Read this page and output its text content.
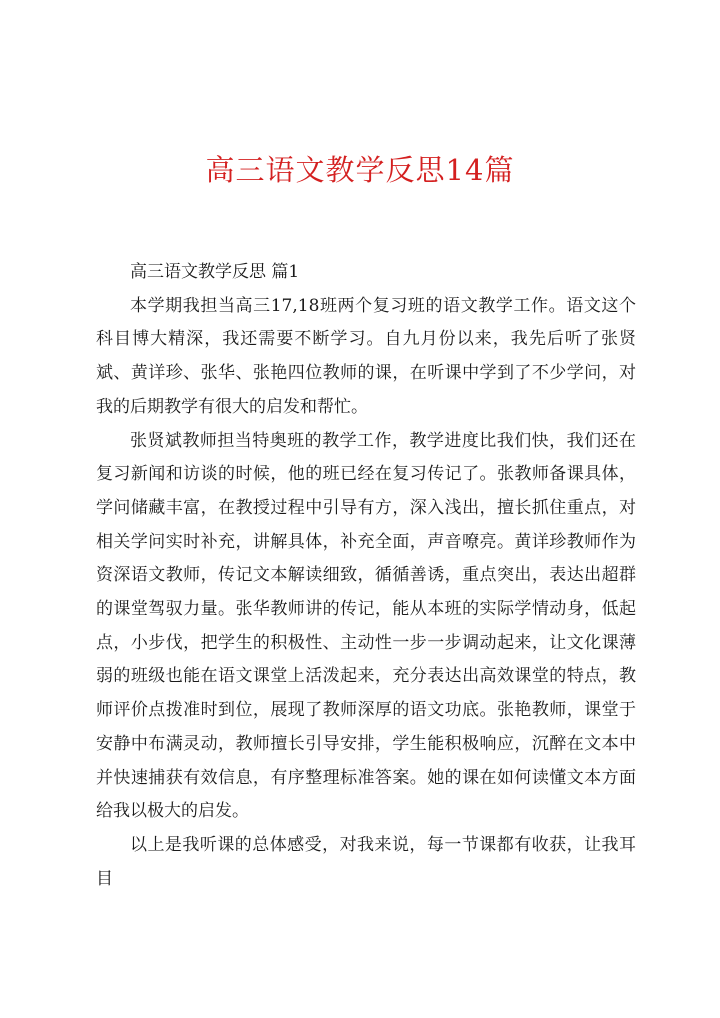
高三语文教学反思14篇

高三语文教学反思 篇1

本学期我担当高三17,18班两个复习班的语文教学工作。语文这个科目博大精深，我还需要不断学习。自九月份以来，我先后听了张贤斌、黄详珍、张华、张艳四位教师的课，在听课中学到了不少学问，对我的后期教学有很大的启发和帮忙。

张贤斌教师担当特奥班的教学工作，教学进度比我们快，我们还在复习新闻和访谈的时候，他的班已经在复习传记了。张教师备课具体，学问储藏丰富，在教授过程中引导有方，深入浅出，擅长抓住重点，对相关学问实时补充，讲解具体，补充全面，声音嘹亮。黄详珍教师作为资深语文教师，传记文本解读细致，循循善诱，重点突出，表达出超群的课堂驾驭力量。张华教师讲的传记，能从本班的实际学情动身，低起点，小步伐，把学生的积极性、主动性一步一步调动起来，让文化课薄弱的班级也能在语文课堂上活泼起来，充分表达出高效课堂的特点，教师评价点拨准时到位，展现了教师深厚的语文功底。张艳教师，课堂于安静中布满灵动，教师擅长引导安排，学生能积极响应，沉醉在文本中并快速捕获有效信息，有序整理标准答案。她的课在如何读懂文本方面给我以极大的启发。

以上是我听课的总体感受，对我来说，每一节课都有收获，让我耳目
